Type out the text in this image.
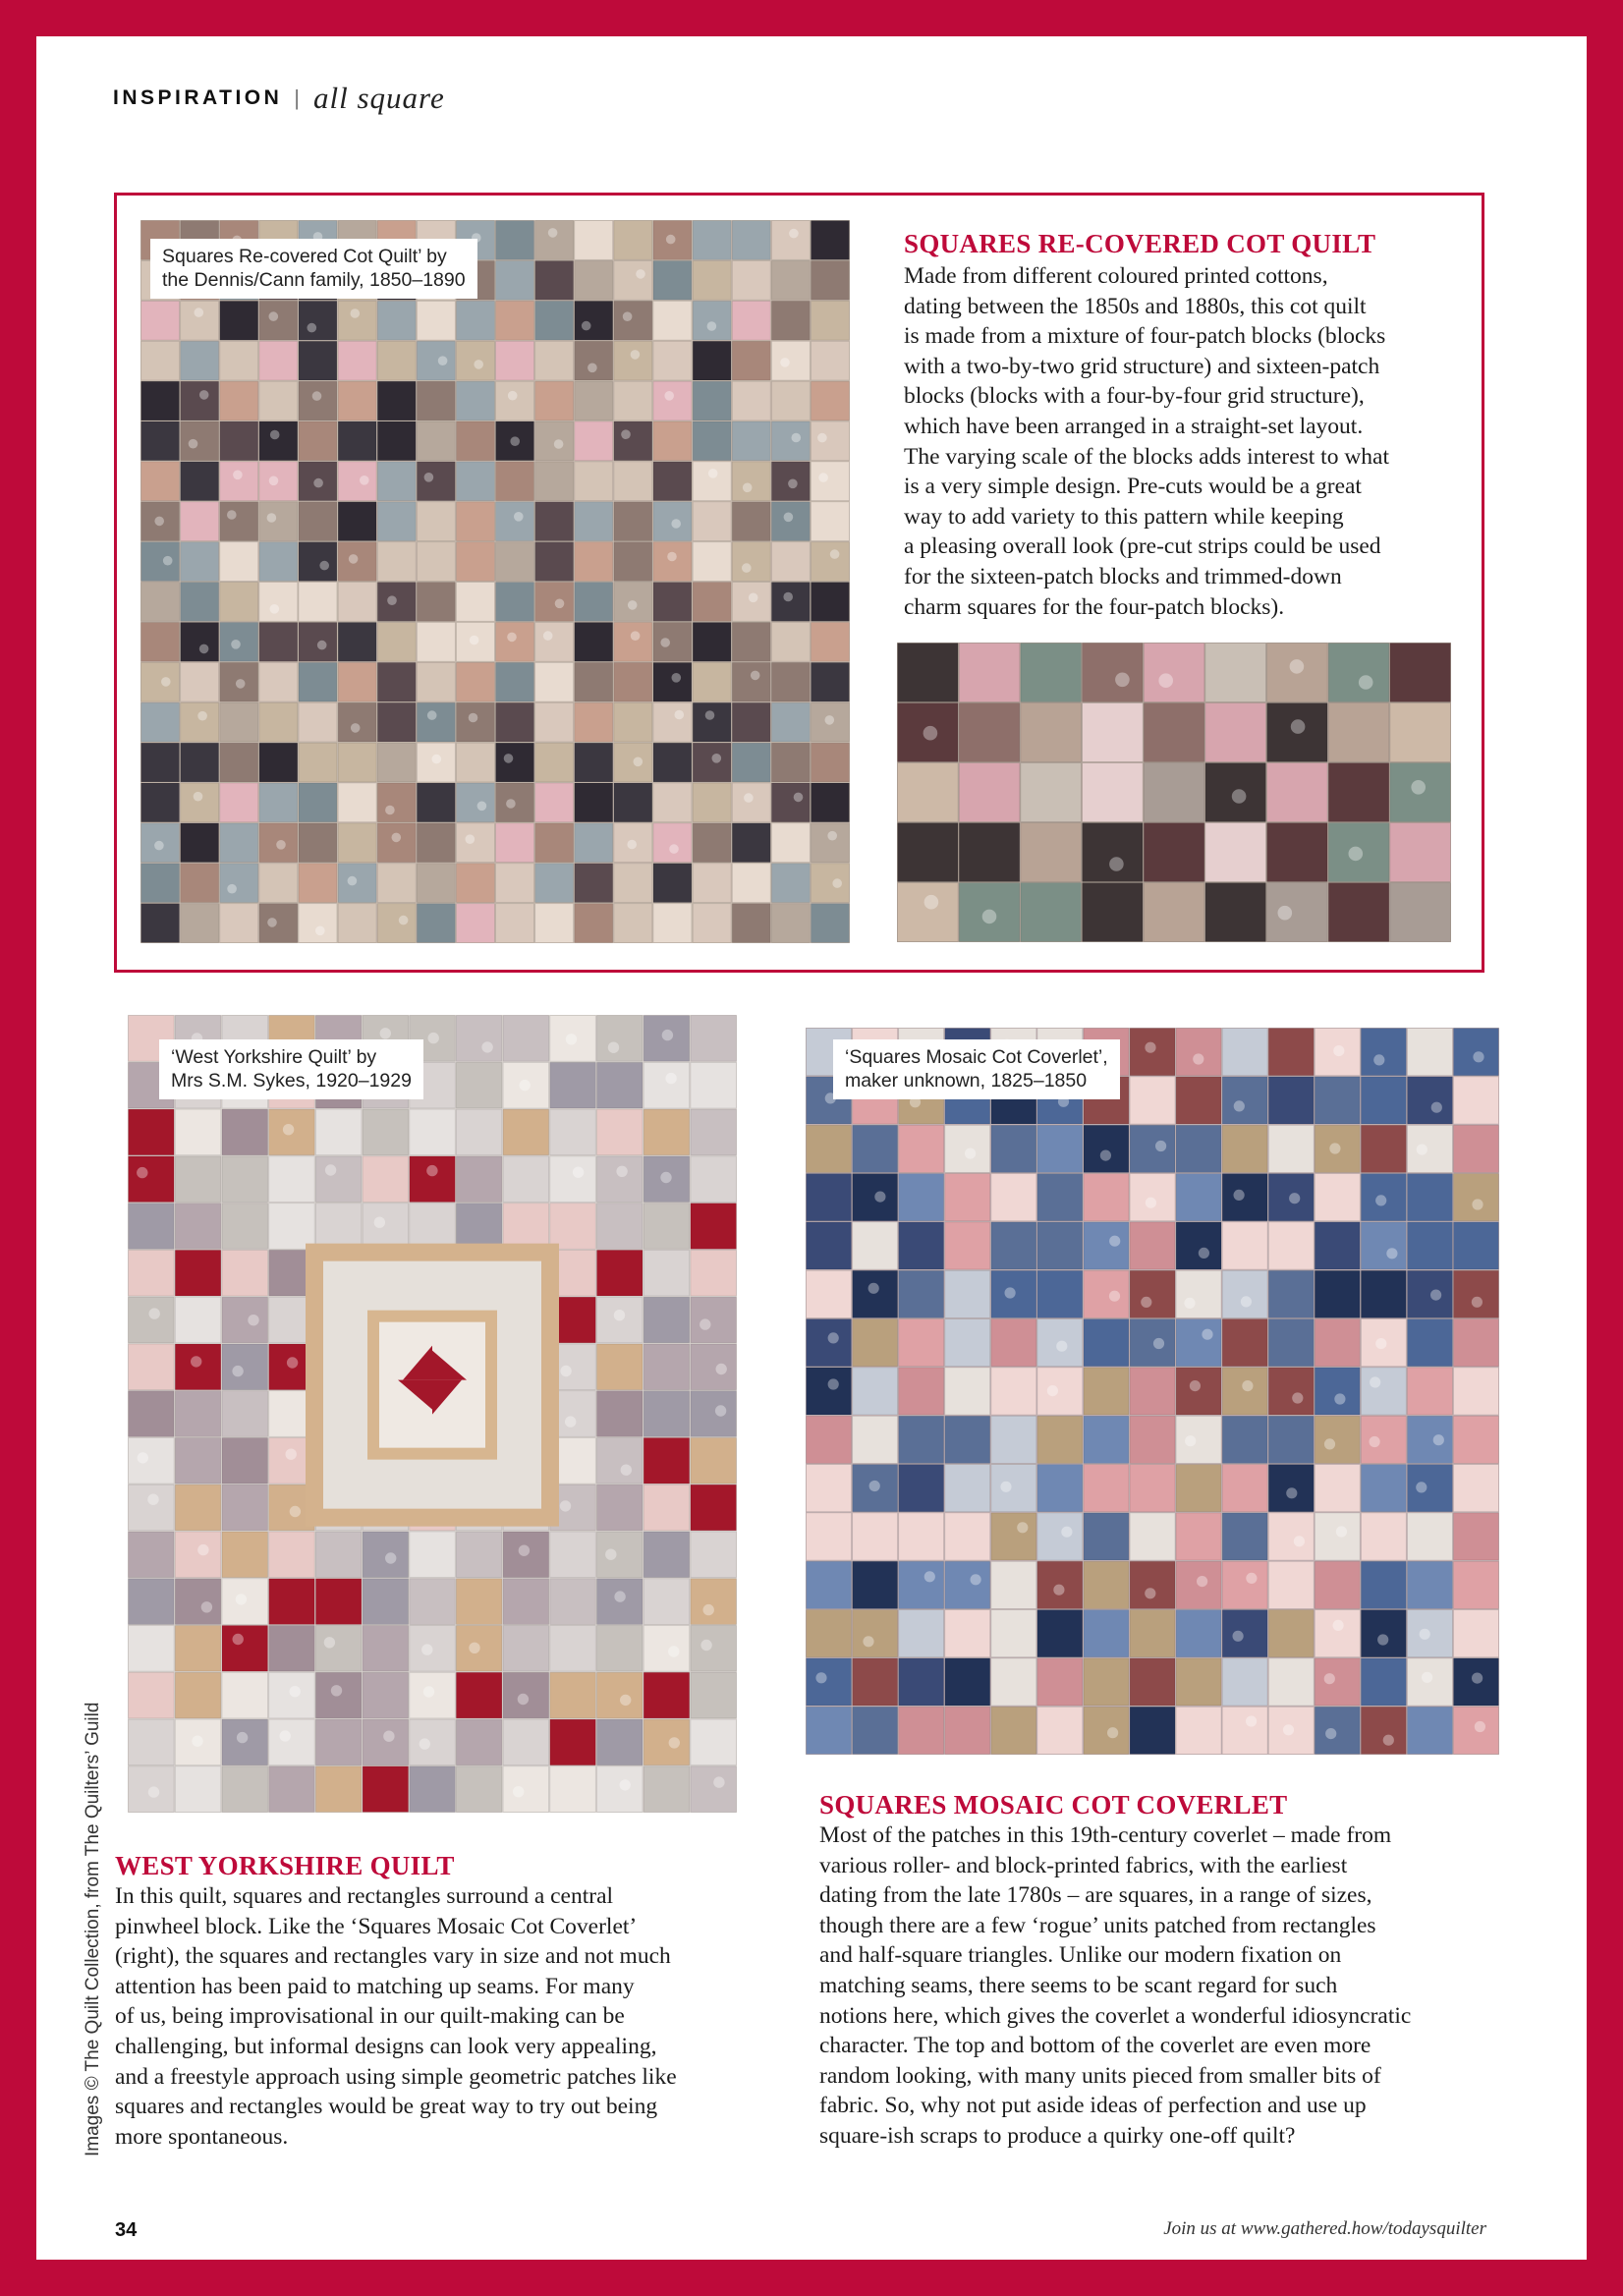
INSPIRATION | all square
Squares Re-covered Cot Quilt’ by
the Dennis/Cann family, 1850–1890
SQUARES RE-COVERED COT QUILT
Made from different coloured printed cottons,
dating between the 1850s and 1880s, this cot quilt
is made from a mixture of four-patch blocks (blocks
with a two-by-two grid structure) and sixteen-patch
blocks (blocks with a four-by-four grid structure),
which have been arranged in a straight-set layout.
The varying scale of the blocks adds interest to what
is a very simple design. Pre-cuts would be a great
way to add variety to this pattern while keeping
a pleasing overall look (pre-cut strips could be used
for the sixteen-patch blocks and trimmed-down
charm squares for the four-patch blocks).
‘West Yorkshire Quilt’ by
Mrs S.M. Sykes, 1920–1929
‘Squares Mosaic Cot Coverlet’,
maker unknown, 1825–1850
WEST YORKSHIRE QUILT
In this quilt, squares and rectangles surround a central
pinwheel block. Like the ‘Squares Mosaic Cot Coverlet’
(right), the squares and rectangles vary in size and not much
attention has been paid to matching up seams. For many
of us, being improvisational in our quilt-making can be
challenging, but informal designs can look very appealing,
and a freestyle approach using simple geometric patches like
squares and rectangles would be great way to try out being
more spontaneous.
SQUARES MOSAIC COT COVERLET
Most of the patches in this 19th-century coverlet – made from
various roller- and block-printed fabrics, with the earliest
dating from the late 1780s – are squares, in a range of sizes,
though there are a few ‘rogue’ units patched from rectangles
and half-square triangles. Unlike our modern fixation on
matching seams, there seems to be scant regard for such
notions here, which gives the coverlet a wonderful idiosyncratic
character. The top and bottom of the coverlet are even more
random looking, with many units pieced from smaller bits of
fabric. So, why not put aside ideas of perfection and use up
square-ish scraps to produce a quirky one-off quilt?
Images © The Quilt Collection, from The Quilters’ Guild
34	Join us at www.gathered.how/todaysquilter
